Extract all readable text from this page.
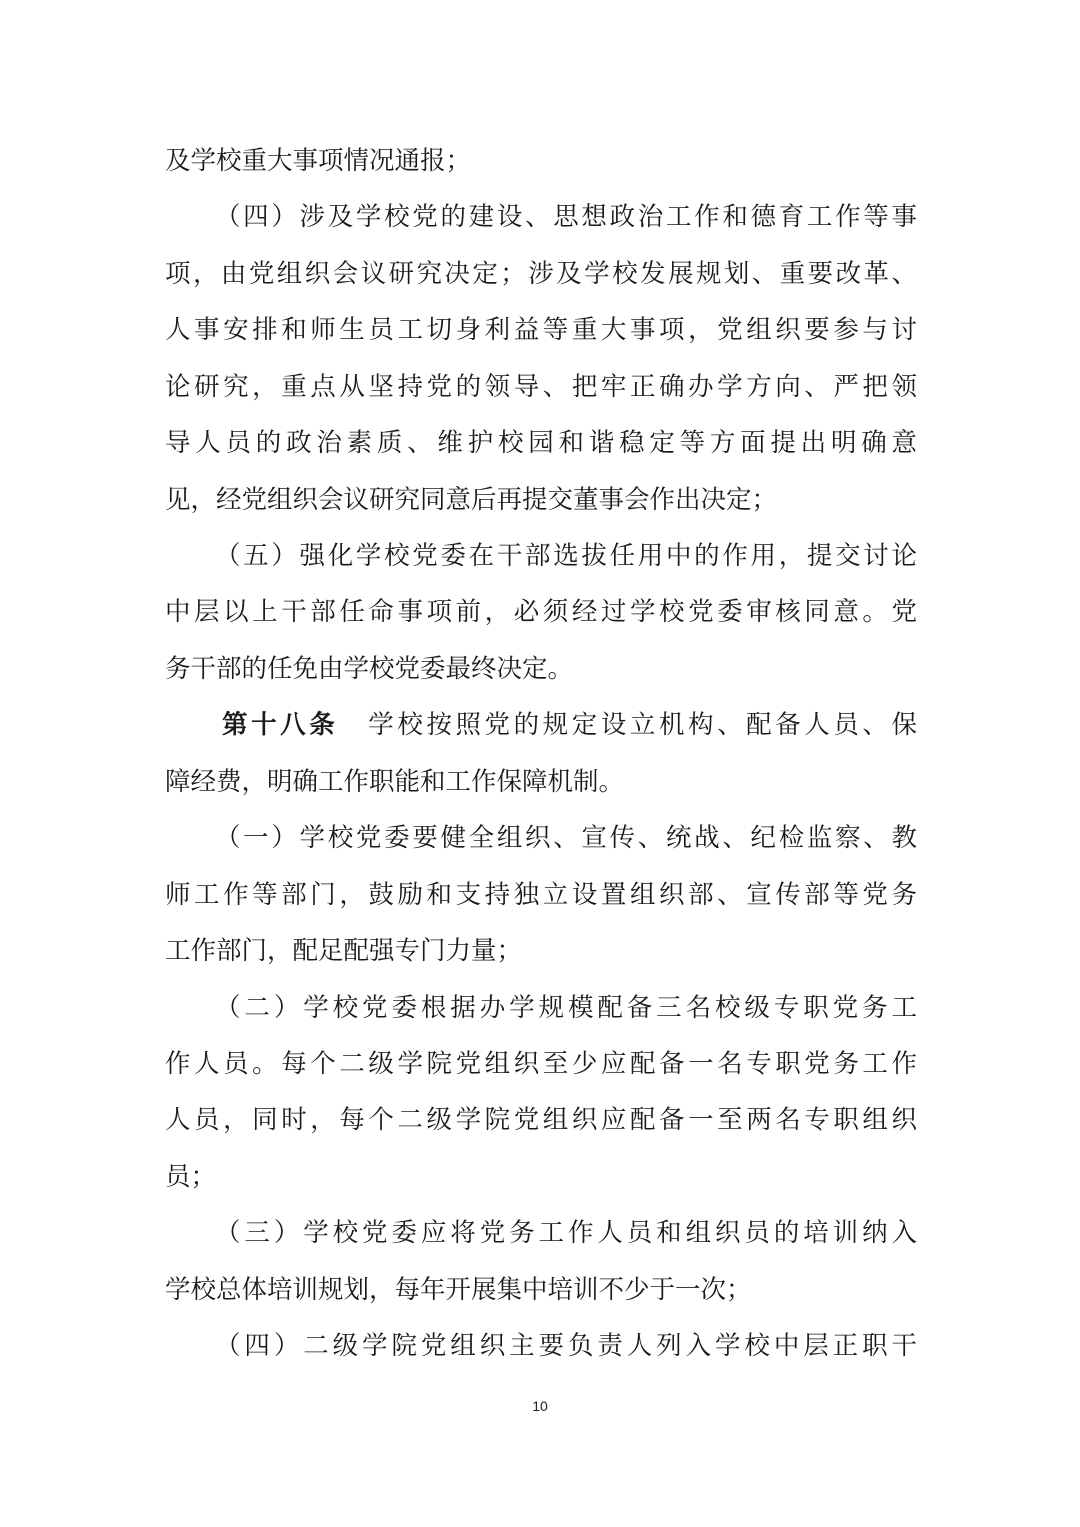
及学校重大事项情况通报；
（四）涉及学校党的建设、思想政治工作和德育工作等事
项，由党组织会议研究决定；涉及学校发展规划、重要改革、
人事安排和师生员工切身利益等重大事项，党组织要参与讨
论研究，重点从坚持党的领导、把牢正确办学方向、严把领
导人员的政治素质、维护校园和谐稳定等方面提出明确意
见，经党组织会议研究同意后再提交董事会作出决定；
（五）强化学校党委在干部选拔任用中的作用，提交讨论
中层以上干部任命事项前，必须经过学校党委审核同意。党
务干部的任免由学校党委最终决定。
第十八条 学校按照党的规定设立机构、配备人员、保
障经费，明确工作职能和工作保障机制。
（一）学校党委要健全组织、宣传、统战、纪检监察、教
师工作等部门，鼓励和支持独立设置组织部、宣传部等党务
工作部门，配足配强专门力量；
（二）学校党委根据办学规模配备三名校级专职党务工
作人员。每个二级学院党组织至少应配备一名专职党务工作
人员，同时，每个二级学院党组织应配备一至两名专职组织
员；
（三）学校党委应将党务工作人员和组织员的培训纳入
学校总体培训规划，每年开展集中培训不少于一次；
（四）二级学院党组织主要负责人列入学校中层正职干
10
